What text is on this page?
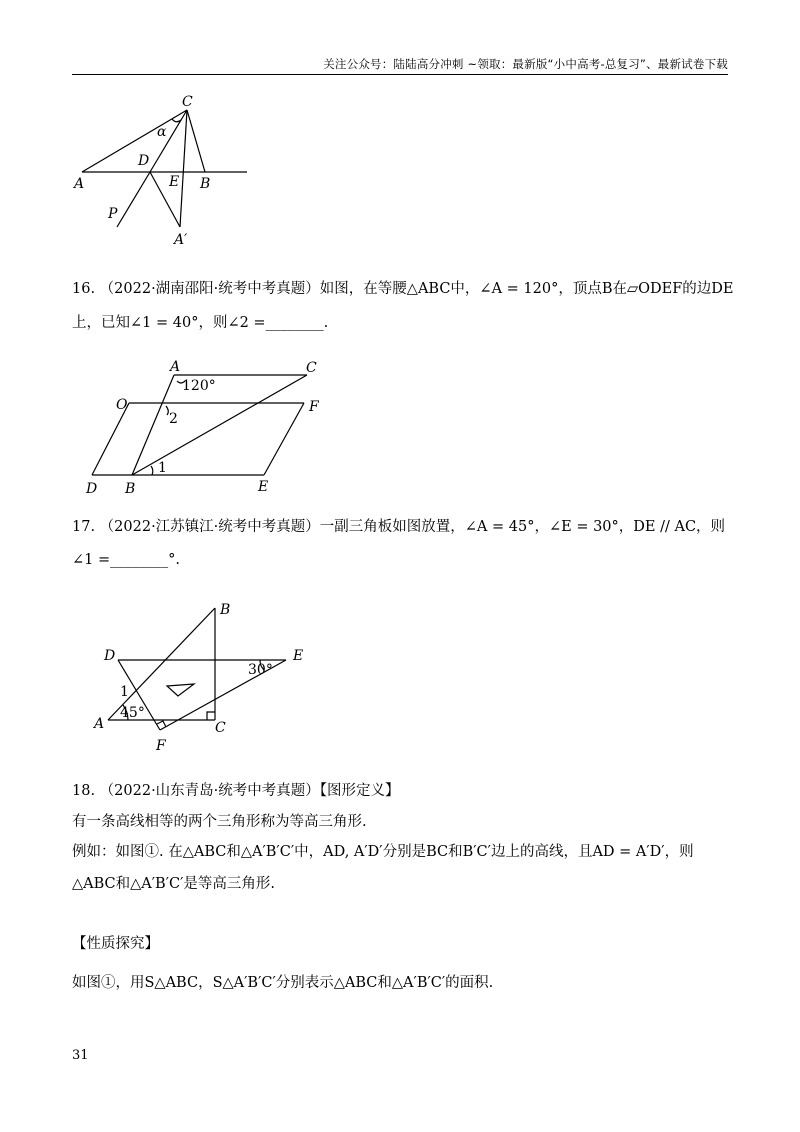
关注公众号：陆陆高分冲刺 ~领取：最新版“小中高考-总复习”、最新试卷下载
C
α
D
A	E B
P
A′
16. （2022·湖南邵阳·统考中考真题）如图，在等腰△ABC中，∠A = 120°，顶点B在▱ODEF的边DE
上，已知∠1 = 40°，则∠2 =________.
A	C
120°
O	F
2
1
D B	E
17. （2022·江苏镇江·统考中考真题）一副三角板如图放置，∠A = 45°，∠E = 30°，DE // AC，则
∠1 =________°.
B
D	E
30°
1
A
45°
C
F
18. （2022·山东青岛·统考中考真题）【图形定义】
有一条高线相等的两个三角形称为等高三角形.
例如：如图①. 在△ABC和△A′B′C′中，AD, A′D′分别是BC和B′C′边上的高线，且AD = A′D′，则
△ABC和△A′B′C′是等高三角形.
【性质探究】
如图①，用S△ABC，S△A′B′C′分别表示△ABC和△A′B′C′的面积.
31
